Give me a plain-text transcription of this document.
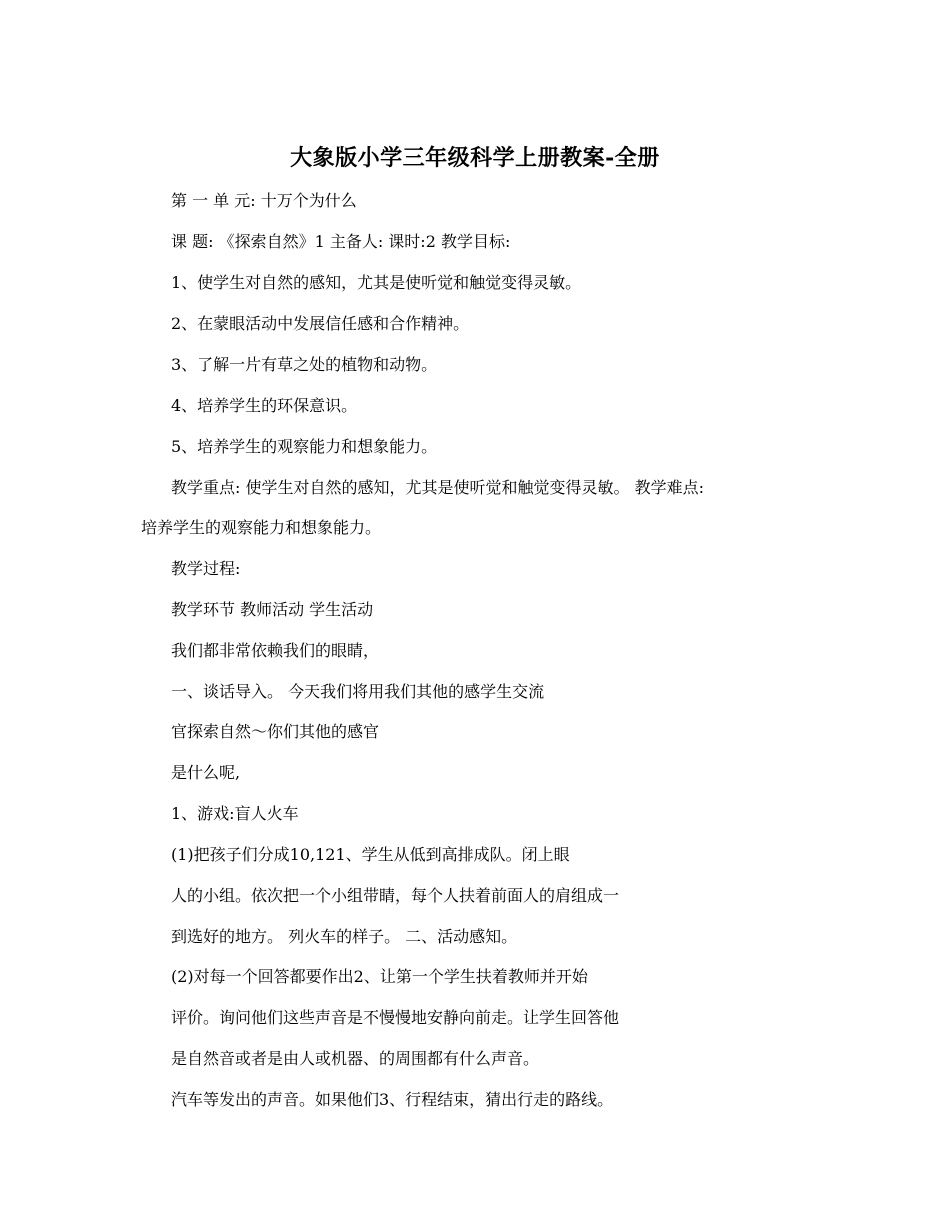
大象版小学三年级科学上册教案-全册
第 一 单 元: 十万个为什么
课 题: 《探索自然》1 主备人: 课时:2 教学目标:
1、使学生对自然的感知，尤其是使听觉和触觉变得灵敏。
2、在蒙眼活动中发展信任感和合作精神。
3、了解一片有草之处的植物和动物。
4、培养学生的环保意识。
5、培养学生的观察能力和想象能力。
教学重点: 使学生对自然的感知，尤其是使听觉和触觉变得灵敏。 教学难点:
培养学生的观察能力和想象能力。
教学过程:
教学环节 教师活动 学生活动
我们都非常依赖我们的眼睛，
一、谈话导入。 今天我们将用我们其他的感学生交流
官探索自然～你们其他的感官
是什么呢,
1、游戏:盲人火车
(1)把孩子们分成10,121、学生从低到高排成队。闭上眼
人的小组。依次把一个小组带睛，每个人扶着前面人的肩组成一
到选好的地方。 列火车的样子。 二、活动感知。
(2)对每一个回答都要作出2、让第一个学生扶着教师并开始
评价。询问他们这些声音是不慢慢地安静向前走。让学生回答他
是自然音或者是由人或机器、的周围都有什么声音。
汽车等发出的声音。如果他们3、行程结束，猜出行走的路线。
